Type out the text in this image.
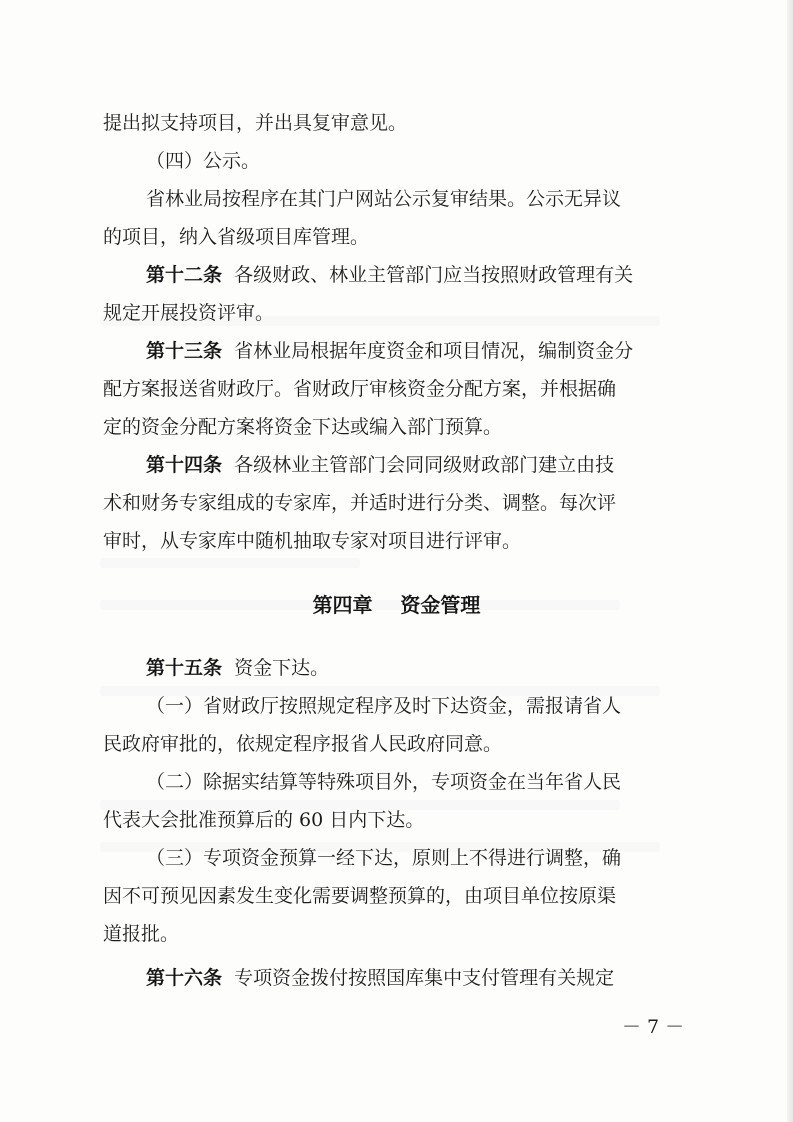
提出拟支持项目，并出具复审意见。
（四）公示。
省林业局按程序在其门户网站公示复审结果。公示无异议
的项目，纳入省级项目库管理。
第十二条  各级财政、林业主管部门应当按照财政管理有关
规定开展投资评审。
第十三条  省林业局根据年度资金和项目情况，编制资金分
配方案报送省财政厅。省财政厅审核资金分配方案，并根据确
定的资金分配方案将资金下达或编入部门预算。
第十四条  各级林业主管部门会同同级财政部门建立由技
术和财务专家组成的专家库，并适时进行分类、调整。每次评
审时，从专家库中随机抽取专家对项目进行评审。
第四章    资金管理
第十五条  资金下达。
（一）省财政厅按照规定程序及时下达资金，需报请省人
民政府审批的，依规定程序报省人民政府同意。
（二）除据实结算等特殊项目外，专项资金在当年省人民
代表大会批准预算后的 60 日内下达。
（三）专项资金预算一经下达，原则上不得进行调整，确
因不可预见因素发生变化需要调整预算的，由项目单位按原渠
道报批。
第十六条  专项资金拨付按照国库集中支付管理有关规定
－ 7 －
